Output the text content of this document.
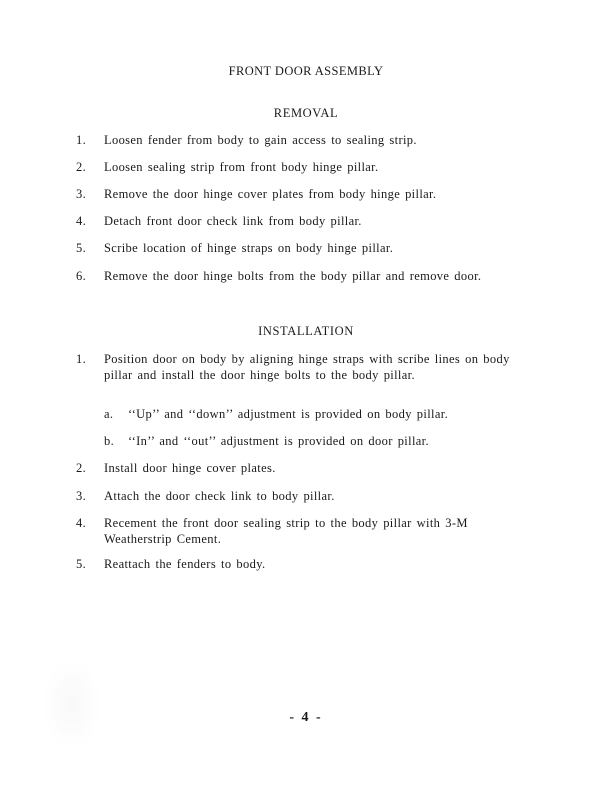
FRONT DOOR ASSEMBLY
REMOVAL
1.	Loosen fender from body to gain access to sealing strip.
2.	Loosen sealing strip from front body hinge pillar.
3.	Remove the door hinge cover plates from body hinge pillar.
4.	Detach front door check link from body pillar.
5.	Scribe location of hinge straps on body hinge pillar.
6.	Remove the door hinge bolts from the body pillar and remove door.
INSTALLATION
1.	Position door on body by aligning hinge straps with scribe lines on body pillar and install the door hinge bolts to the body pillar.
a. ‘‘Up’’ and ‘‘down’’ adjustment is provided on body pillar.
b. ‘‘In’’ and ‘‘out’’ adjustment is provided on door pillar.
2.	Install door hinge cover plates.
3.	Attach the door check link to body pillar.
4.	Recement the front door sealing strip to the body pillar with 3-M Weatherstrip Cement.
5.	Reattach the fenders to body.
- 4 -
